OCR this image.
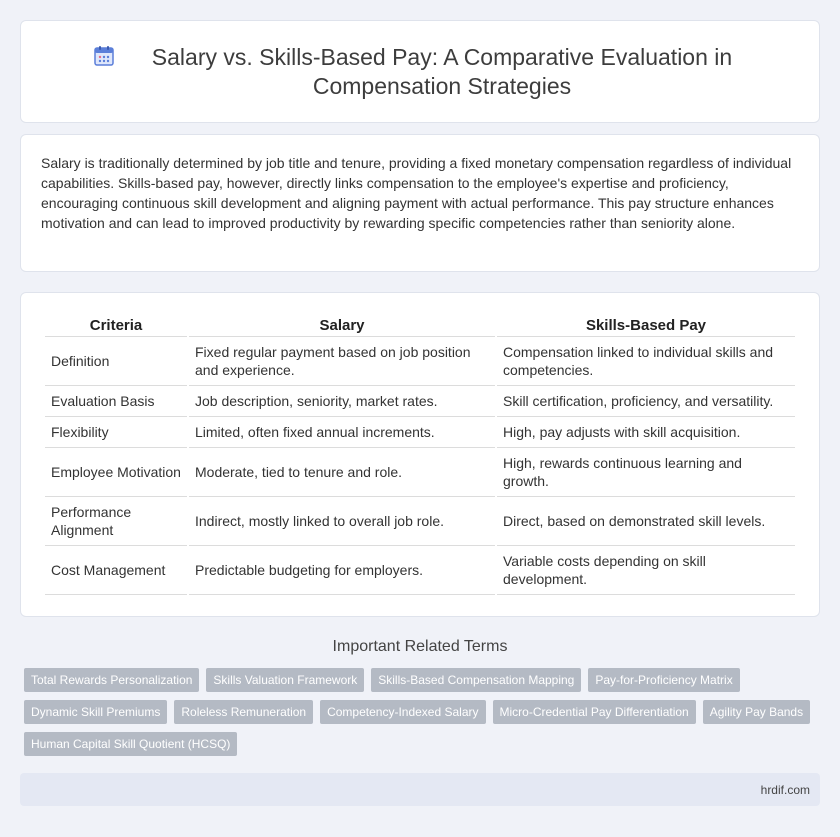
Salary vs. Skills-Based Pay: A Comparative Evaluation in Compensation Strategies

Salary is traditionally determined by job title and tenure, providing a fixed monetary compensation regardless of individual capabilities. Skills-based pay, however, directly links compensation to the employee's expertise and proficiency, encouraging continuous skill development and aligning payment with actual performance. This pay structure enhances motivation and can lead to improved productivity by rewarding specific competencies rather than seniority alone.

Criteria	Salary	Skills-Based Pay
Definition	Fixed regular payment based on job position and experience.	Compensation linked to individual skills and competencies.
Evaluation Basis	Job description, seniority, market rates.	Skill certification, proficiency, and versatility.
Flexibility	Limited, often fixed annual increments.	High, pay adjusts with skill acquisition.
Employee Motivation	Moderate, tied to tenure and role.	High, rewards continuous learning and growth.
Performance Alignment	Indirect, mostly linked to overall job role.	Direct, based on demonstrated skill levels.
Cost Management	Predictable budgeting for employers.	Variable costs depending on skill development.
Important Related Terms
Total Rewards Personalization	Skills Valuation Framework	Skills-Based Compensation Mapping	Pay-for-Proficiency Matrix
Dynamic Skill Premiums	Roleless Remuneration	Competency-Indexed Salary	Micro-Credential Pay Differentiation	Agility Pay Bands
Human Capital Skill Quotient (HCSQ)
hrdif.com
